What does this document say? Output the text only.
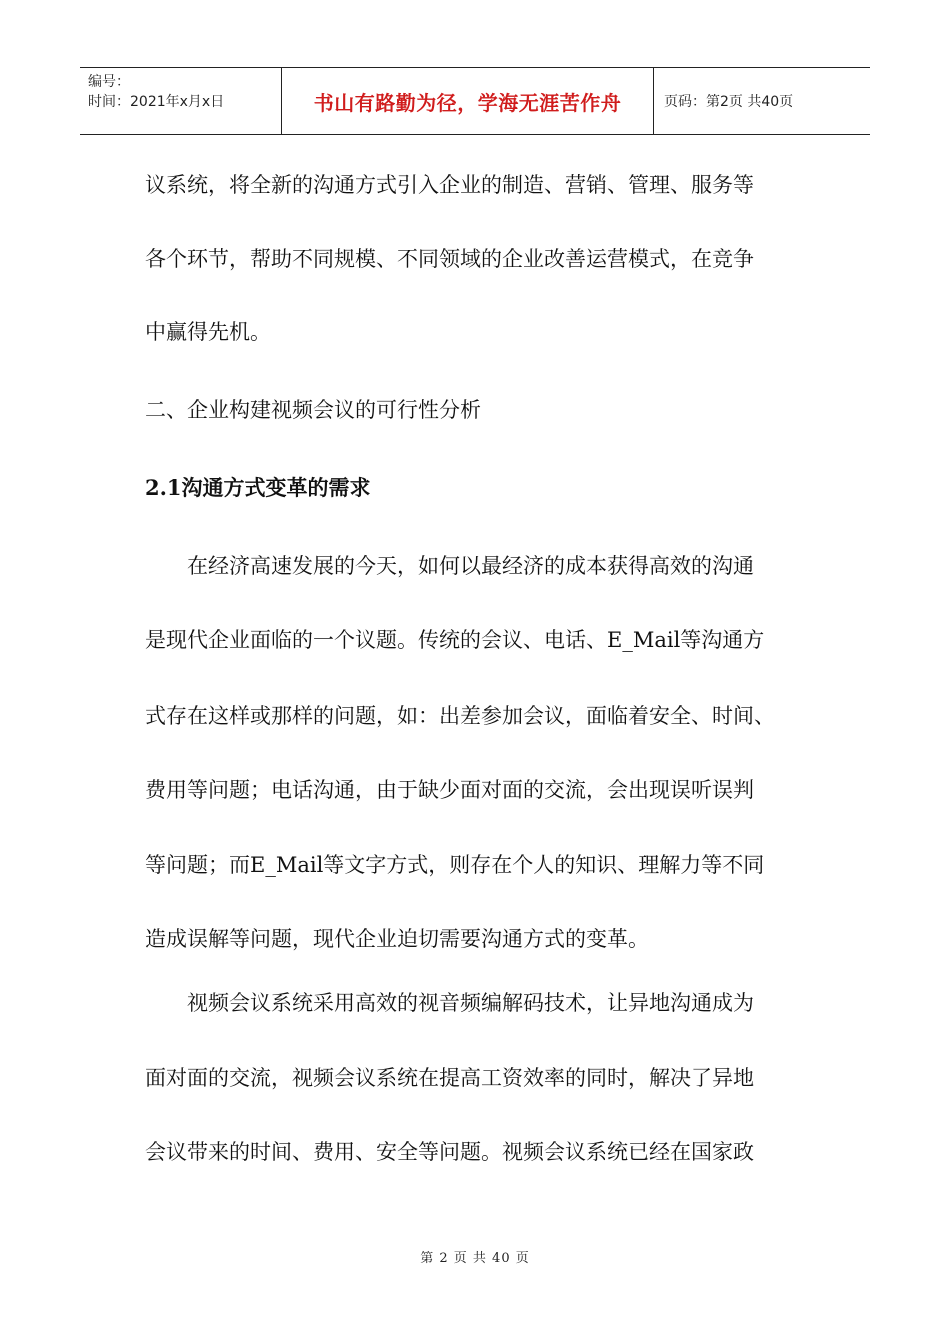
编号：
时间：2021年x月x日	书山有路勤为径，学海无涯苦作舟	页码：第2页 共40页
议系统，将全新的沟通方式引入企业的制造、营销、管理、服务等
各个环节，帮助不同规模、不同领域的企业改善运营模式，在竞争
中赢得先机。
二、企业构建视频会议的可行性分析
2.1沟通方式变革的需求
　　在经济高速发展的今天，如何以最经济的成本获得高效的沟通
是现代企业面临的一个议题。传统的会议、电话、E_Mail等沟通方
式存在这样或那样的问题，如：出差参加会议，面临着安全、时间、
费用等问题；电话沟通，由于缺少面对面的交流，会出现误听误判
等问题；而E_Mail等文字方式，则存在个人的知识、理解力等不同
造成误解等问题，现代企业迫切需要沟通方式的变革。
　　视频会议系统采用高效的视音频编解码技术，让异地沟通成为
面对面的交流，视频会议系统在提高工资效率的同时，解决了异地
会议带来的时间、费用、安全等问题。视频会议系统已经在国家政
第 2 页 共 40 页
